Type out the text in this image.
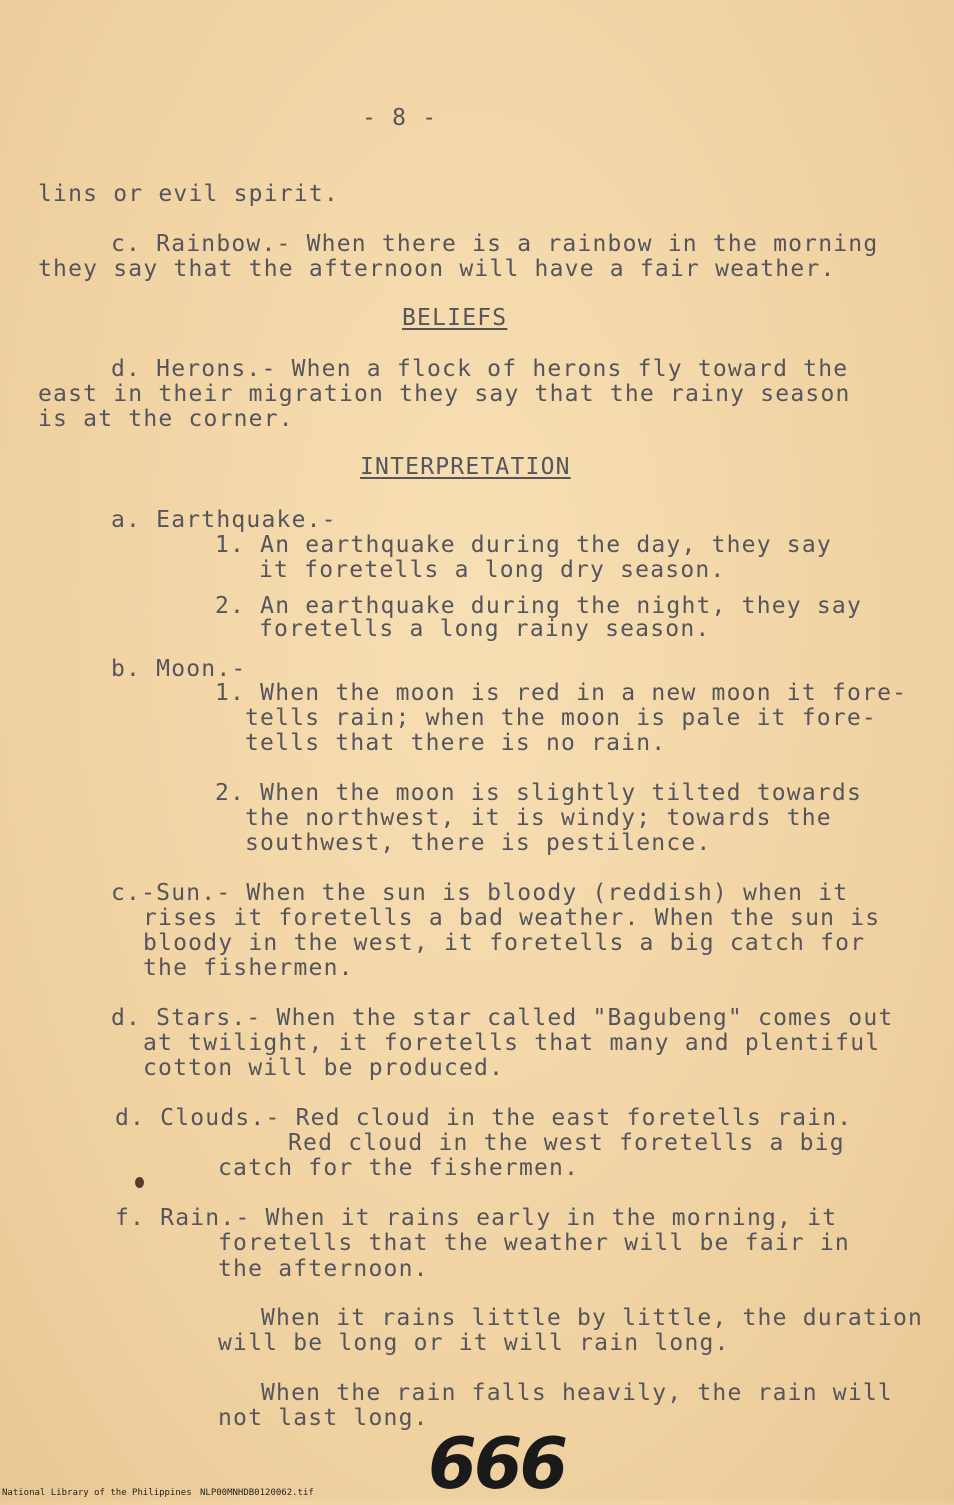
- 8 -
lins or evil spirit.
c. Rainbow.- When there is a rainbow in the morning
they say that the afternoon will have a fair weather.
BELIEFS
d. Herons.- When a flock of herons fly toward the
east in their migration they say that the rainy season
is at the corner.
INTERPRETATION
a. Earthquake.-
1. An earthquake during the day, they say
it foretells a long dry season.
2. An earthquake during the night, they say
foretells a long rainy season.
b. Moon.-
1. When the moon is red in a new moon it fore-
tells rain; when the moon is pale it fore-
tells that there is no rain.
2. When the moon is slightly tilted towards
the northwest, it is windy; towards the
southwest, there is pestilence.
c.-Sun.- When the sun is bloody (reddish) when it
rises it foretells a bad weather. When the sun is
bloody in the west, it foretells a big catch for
the fishermen.
d. Stars.- When the star called "Bagubeng" comes out
at twilight, it foretells that many and plentiful
cotton will be produced.
d. Clouds.- Red cloud in the east foretells rain.
Red cloud in the west foretells a big
catch for the fishermen.
f. Rain.- When it rains early in the morning, it
foretells that the weather will be fair in
the afternoon.
When it rains little by little, the duration
will be long or it will rain long.
When the rain falls heavily, the rain will
not last long.
666
National Library of the Philippines NLP00MNHDB0120062.tif
